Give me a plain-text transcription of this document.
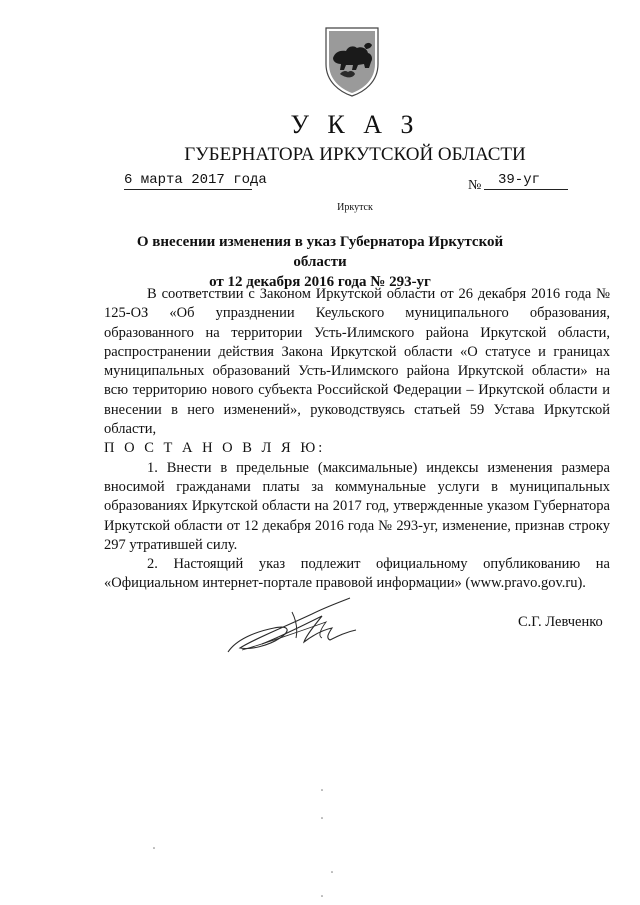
У К А З
ГУБЕРНАТОРА ИРКУТСКОЙ ОБЛАСТИ
6 марта 2017 года	№	39-уг
Иркутск
О внесении изменения в указ Губернатора Иркутской области
от 12 декабря 2016 года № 293-уг

В соответствии с Законом Иркутской области от 26 декабря 2016 года № 125-ОЗ «Об упразднении Кеульского муниципального образования, образованного на территории Усть-Илимского района Иркутской области, распространении действия Закона Иркутской области «О статусе и границах муниципальных образований Усть-Илимского района Иркутской области» на всю территорию нового субъекта Российской Федерации – Иркутской области и внесении в него изменений», руководствуясь статьей 59 Устава Иркутской области,

П О С Т А Н О В Л Я Ю:

1. Внести в предельные (максимальные) индексы изменения размера вносимой гражданами платы за коммунальные услуги в муниципальных образованиях Иркутской области на 2017 год, утвержденные указом Губернатора Иркутской области от 12 декабря 2016 года № 293-уг, изменение, признав строку 297 утратившей силу.

2. Настоящий указ подлежит официальному опубликованию на «Официальном интернет-портале правовой информации» (www.pravo.gov.ru).

С.Г. Левченко
